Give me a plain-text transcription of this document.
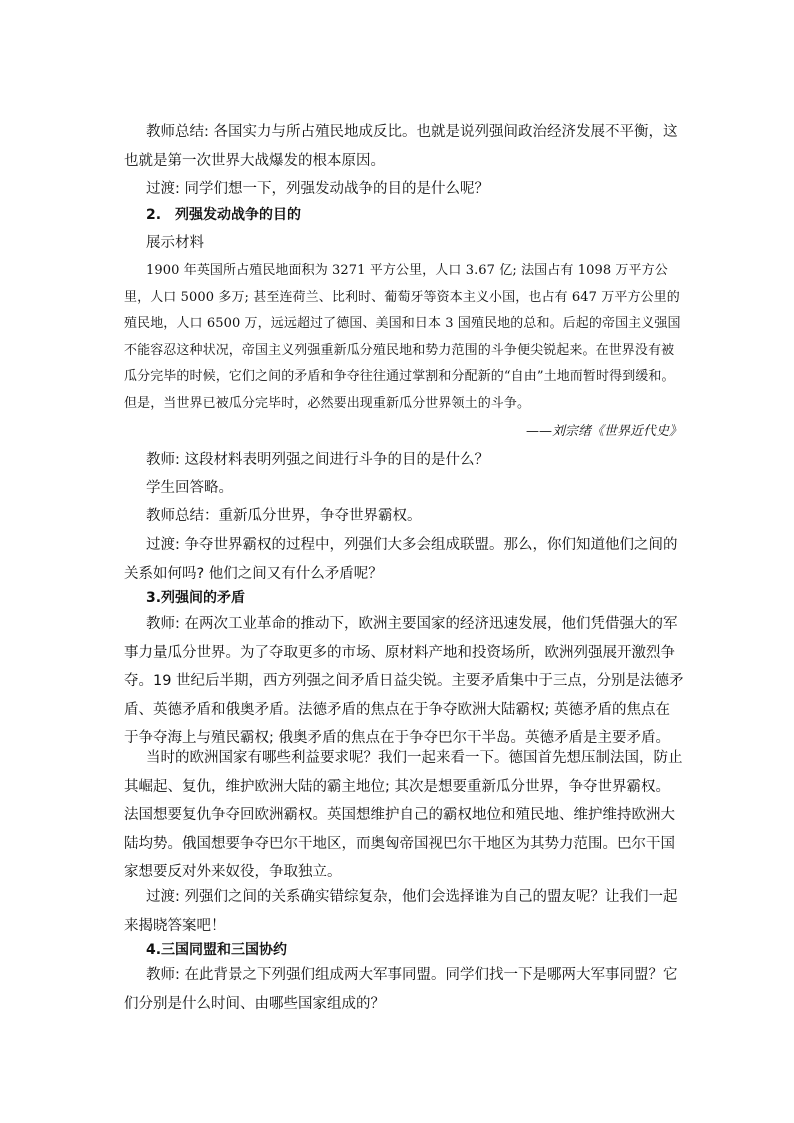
教师总结: 各国实力与所占殖民地成反比。也就是说列强间政治经济发展不平衡，这也就是第一次世界大战爆发的根本原因。

过渡: 同学们想一下，列强发动战争的目的是什么呢？

2.　列强发动战争的目的

展示材料

1900 年英国所占殖民地面积为 3271 平方公里，人口 3.67 亿; 法国占有 1098 万平方公里，人口 5000 多万; 甚至连荷兰、比利时、葡萄牙等资本主义小国，也占有 647 万平方公里的殖民地，人口 6500 万，远远超过了德国、美国和日本 3 国殖民地的总和。后起的帝国主义强国不能容忍这种状况，帝国主义列强重新瓜分殖民地和势力范围的斗争便尖锐起来。在世界没有被瓜分完毕的时候，它们之间的矛盾和争夺往往通过掌割和分配新的“自由”土地而暂时得到缓和。但是，当世界已被瓜分完毕时，必然要出现重新瓜分世界领土的斗争。

——刘宗绪《世界近代史》

教师: 这段材料表明列强之间进行斗争的目的是什么？

学生回答略。

教师总结：重新瓜分世界，争夺世界霸权。

过渡: 争夺世界霸权的过程中，列强们大多会组成联盟。那么，你们知道他们之间的关系如何吗? 他们之间又有什么矛盾呢？

3.列强间的矛盾

教师: 在两次工业革命的推动下，欧洲主要国家的经济迅速发展，他们凭借强大的军事力量瓜分世界。为了夺取更多的市场、原材料产地和投资场所，欧洲列强展开激烈争夺。19 世纪后半期，西方列强之间矛盾日益尖锐。主要矛盾集中于三点，分别是法德矛盾、英德矛盾和俄奥矛盾。法德矛盾的焦点在于争夺欧洲大陆霸权; 英德矛盾的焦点在于争夺海上与殖民霸权; 俄奥矛盾的焦点在于争夺巴尔干半岛。英德矛盾是主要矛盾。

当时的欧洲国家有哪些利益要求呢？我们一起来看一下。德国首先想压制法国，防止其崛起、复仇，维护欧洲大陆的霸主地位; 其次是想要重新瓜分世界，争夺世界霸权。法国想要复仇争夺回欧洲霸权。英国想维护自己的霸权地位和殖民地、维护维持欧洲大陆均势。俄国想要争夺巴尔干地区，而奥匈帝国视巴尔干地区为其势力范围。巴尔干国家想要反对外来奴役，争取独立。

过渡: 列强们之间的关系确实错综复杂，他们会选择谁为自己的盟友呢？让我们一起来揭晓答案吧！

4.三国同盟和三国协约

教师: 在此背景之下列强们组成两大军事同盟。同学们找一下是哪两大军事同盟？它们分别是什么时间、由哪些国家组成的？
